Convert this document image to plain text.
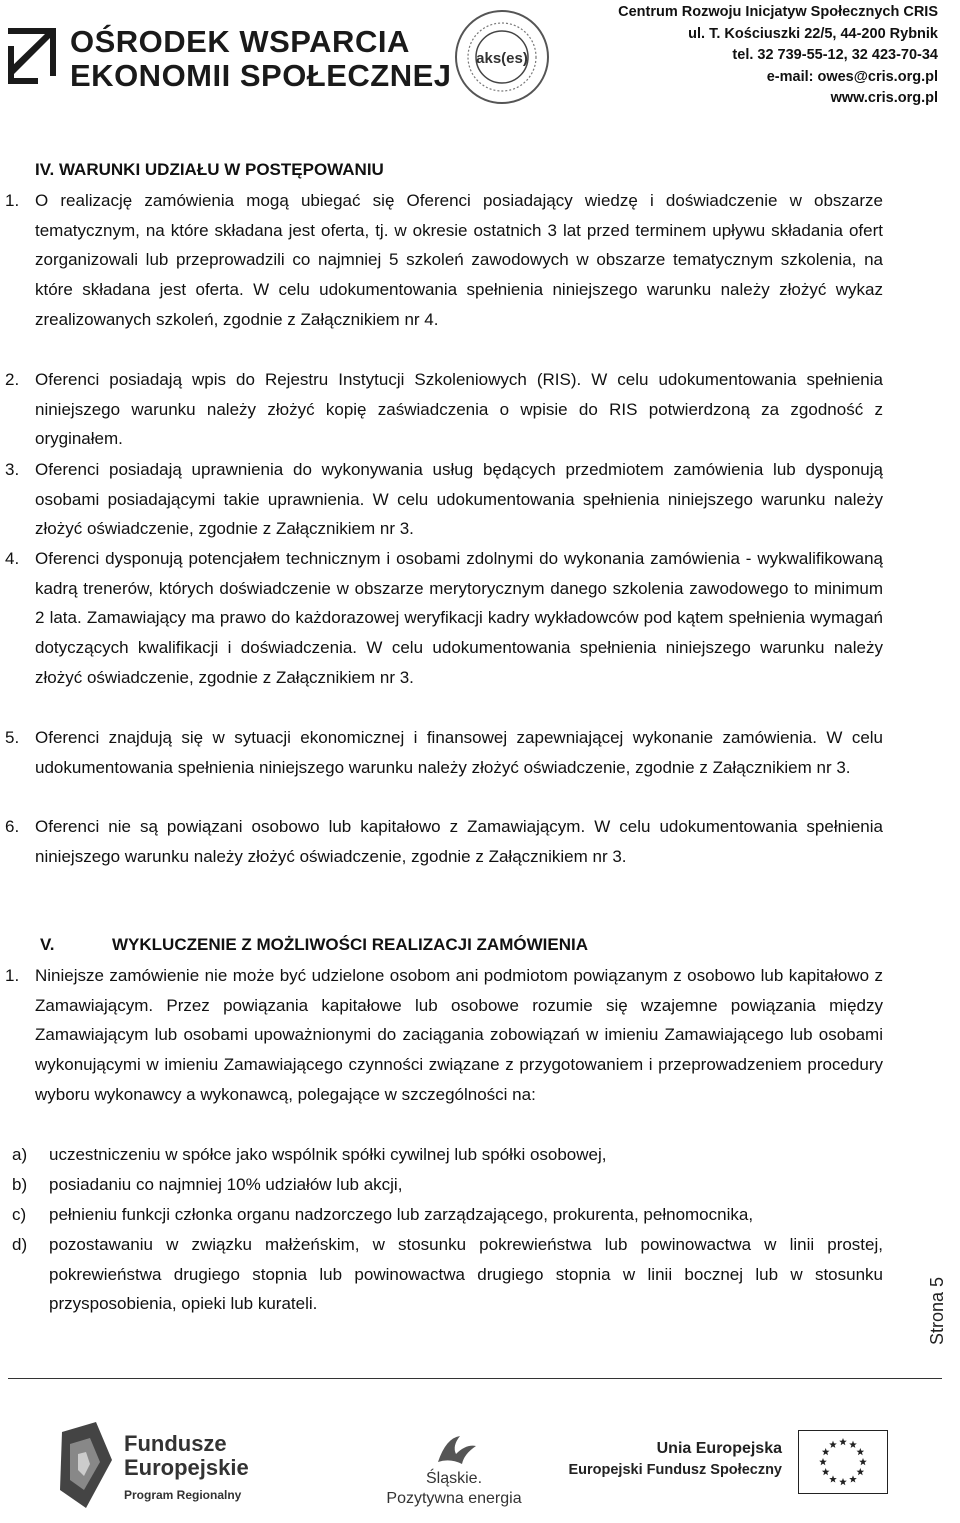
OŚRODEK WSPARCIA
EKONOMII SPOŁECZNEJ aks(es)
Centrum Rozwoju Inicjatyw Społecznych CRIS
ul. T. Kościuszki 22/5, 44-200 Rybnik
tel. 32 739-55-12, 32 423-70-34
e-mail: owes@cris.org.pl
www.cris.org.pl
IV. WARUNKI UDZIAŁU W POSTĘPOWANIU
1. O realizację zamówienia mogą ubiegać się Oferenci posiadający wiedzę i doświadczenie w obszarze tematycznym, na które składana jest oferta, tj. w okresie ostatnich 3 lat przed terminem upływu składania ofert zorganizowali lub przeprowadzili co najmniej 5 szkoleń zawodowych w obszarze tematycznym szkolenia, na które składana jest oferta. W celu udokumentowania spełnienia niniejszego warunku należy złożyć wykaz zrealizowanych szkoleń, zgodnie z Załącznikiem nr 4.
2. Oferenci posiadają wpis do Rejestru Instytucji Szkoleniowych (RIS). W celu udokumentowania spełnienia niniejszego warunku należy złożyć kopię zaświadczenia o wpisie do RIS potwierdzoną za zgodność z oryginałem.
3. Oferenci posiadają uprawnienia do wykonywania usług będących przedmiotem zamówienia lub dysponują osobami posiadającymi takie uprawnienia. W celu udokumentowania spełnienia niniejszego warunku należy złożyć oświadczenie, zgodnie z Załącznikiem nr 3.
4. Oferenci dysponują potencjałem technicznym i osobami zdolnymi do wykonania zamówienia - wykwalifikowaną kadrą trenerów, których doświadczenie w obszarze merytorycznym danego szkolenia zawodowego to minimum 2 lata. Zamawiający ma prawo do każdorazowej weryfikacji kadry wykładowców pod kątem spełnienia wymagań dotyczących kwalifikacji i doświadczenia. W celu udokumentowania spełnienia niniejszego warunku należy złożyć oświadczenie, zgodnie z Załącznikiem nr 3.
5. Oferenci znajdują się w sytuacji ekonomicznej i finansowej zapewniającej wykonanie zamówienia. W celu udokumentowania spełnienia niniejszego warunku należy złożyć oświadczenie, zgodnie z Załącznikiem nr 3.
6. Oferenci nie są powiązani osobowo lub kapitałowo z Zamawiającym. W celu udokumentowania spełnienia niniejszego warunku należy złożyć oświadczenie, zgodnie z Załącznikiem nr 3.
V.	WYKLUCZENIE Z MOŻLIWOŚCI REALIZACJI ZAMÓWIENIA
1. Niniejsze zamówienie nie może być udzielone osobom ani podmiotom powiązanym z osobowo lub kapitałowo z Zamawiającym. Przez powiązania kapitałowe lub osobowe rozumie się wzajemne powiązania między Zamawiającym lub osobami upoważnionymi do zaciągania zobowiązań w imieniu Zamawiającego lub osobami wykonującymi w imieniu Zamawiającego czynności związane z przygotowaniem i przeprowadzeniem procedury wyboru wykonawcy a wykonawcą, polegające w szczególności na:
a) uczestniczeniu w spółce jako wspólnik spółki cywilnej lub spółki osobowej,
b) posiadaniu co najmniej 10% udziałów lub akcji,
c) pełnieniu funkcji członka organu nadzorczego lub zarządzającego, prokurenta, pełnomocnika,
d) pozostawaniu w związku małżeńskim, w stosunku pokrewieństwa lub powinowactwa w linii prostej, pokrewieństwa drugiego stopnia lub powinowactwa drugiego stopnia w linii bocznej lub w stosunku przysposobienia, opieki lub kurateli.	Strona 5
Fundusze
Europejskie
Program Regionalny
Śląskie.
Pozytywna energia
Unia Europejska
Europejski Fundusz Społeczny
